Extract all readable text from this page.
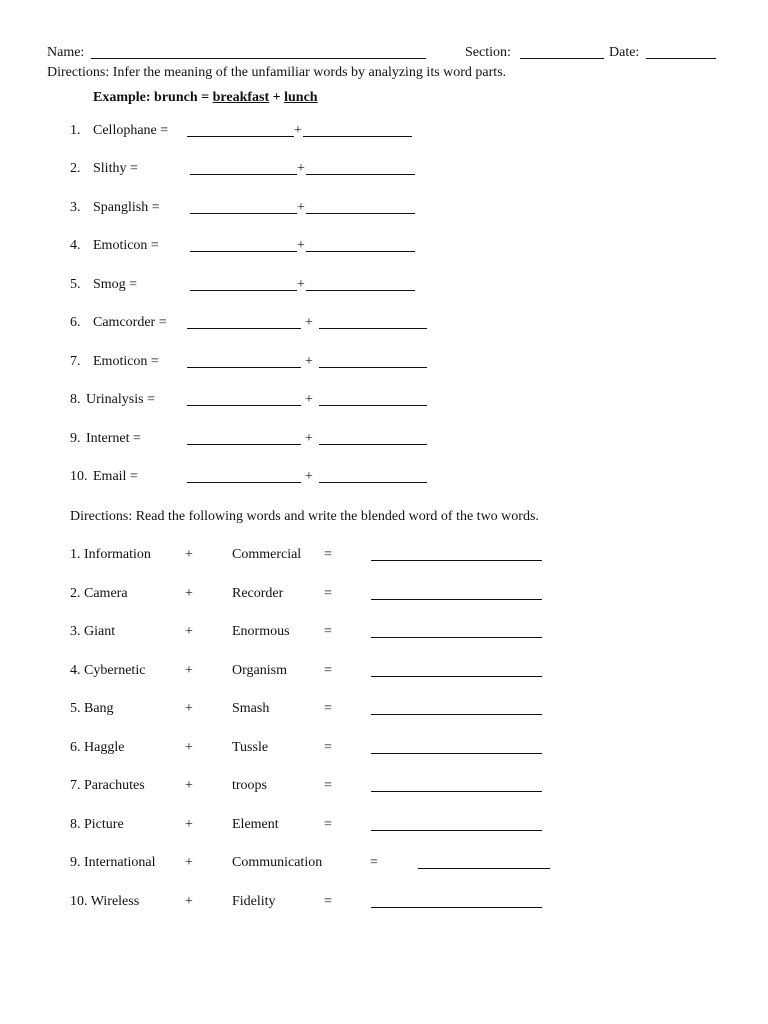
Name:	Section:	Date:
Directions: Infer the meaning of the unfamiliar words by analyzing its word parts.
Example: brunch = breakfast + lunch
1. Cellophane =	+
2. Slithy =	+
3. Spanglish =	+
4. Emoticon =	+
5. Smog =	+
6. Camcorder =	+
7. Emoticon =	+
8. Urinalysis =	+
9. Internet =	+
10. Email =	+
Directions: Read the following words and write the blended word of the two words.
1. Information +	Commercial =
2. Camera	+	Recorder	=
3. Giant	+	Enormous =
4. Cybernetic	+	Organism	=
5. Bang	+	Smash	=
6. Haggle	+	Tussle	=
7. Parachutes	+	troops	=
8. Picture	+	Element	=
9. International +	Communication	=
10. Wireless	+	Fidelity	=
